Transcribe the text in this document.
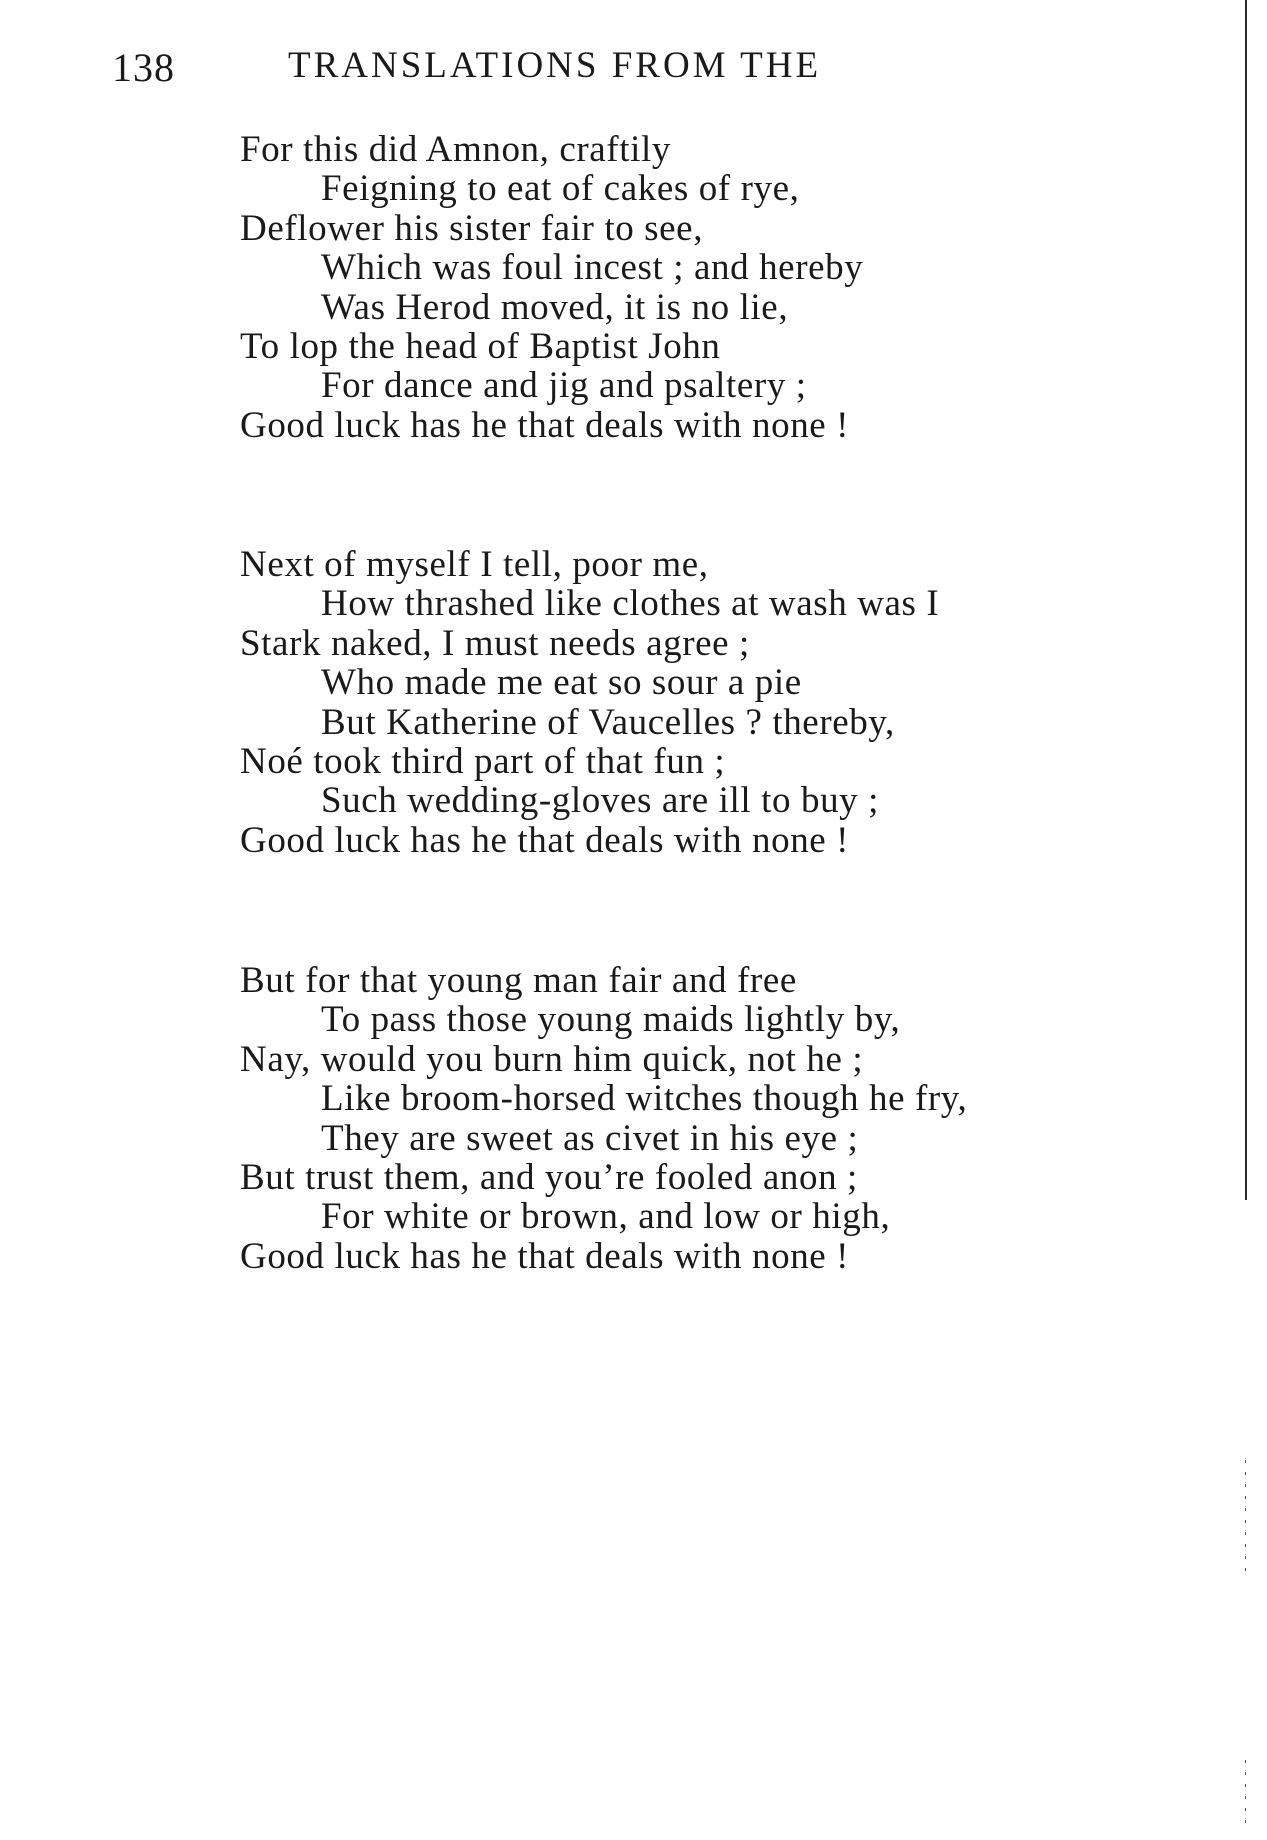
138	TRANSLATIONS FROM THE
For this did Amnon, craftily
Feigning to eat of cakes of rye,
Deflower his sister fair to see,
Which was foul incest ; and hereby
Was Herod moved, it is no lie,
To lop the head of Baptist John
For dance and jig and psaltery ;
Good luck has he that deals with none !
Next of myself I tell, poor me,
How thrashed like clothes at wash was I
Stark naked, I must needs agree ;
Who made me eat so sour a pie
But Katherine of Vaucelles ? thereby,
Noé took third part of that fun ;
Such wedding-gloves are ill to buy ;
Good luck has he that deals with none !
But for that young man fair and free
To pass those young maids lightly by,
Nay, would you burn him quick, not he ;
Like broom-horsed witches though he fry,
They are sweet as civet in his eye ;
But trust them, and you’re fooled anon ;
For white or brown, and low or high,
Good luck has he that deals with none !
